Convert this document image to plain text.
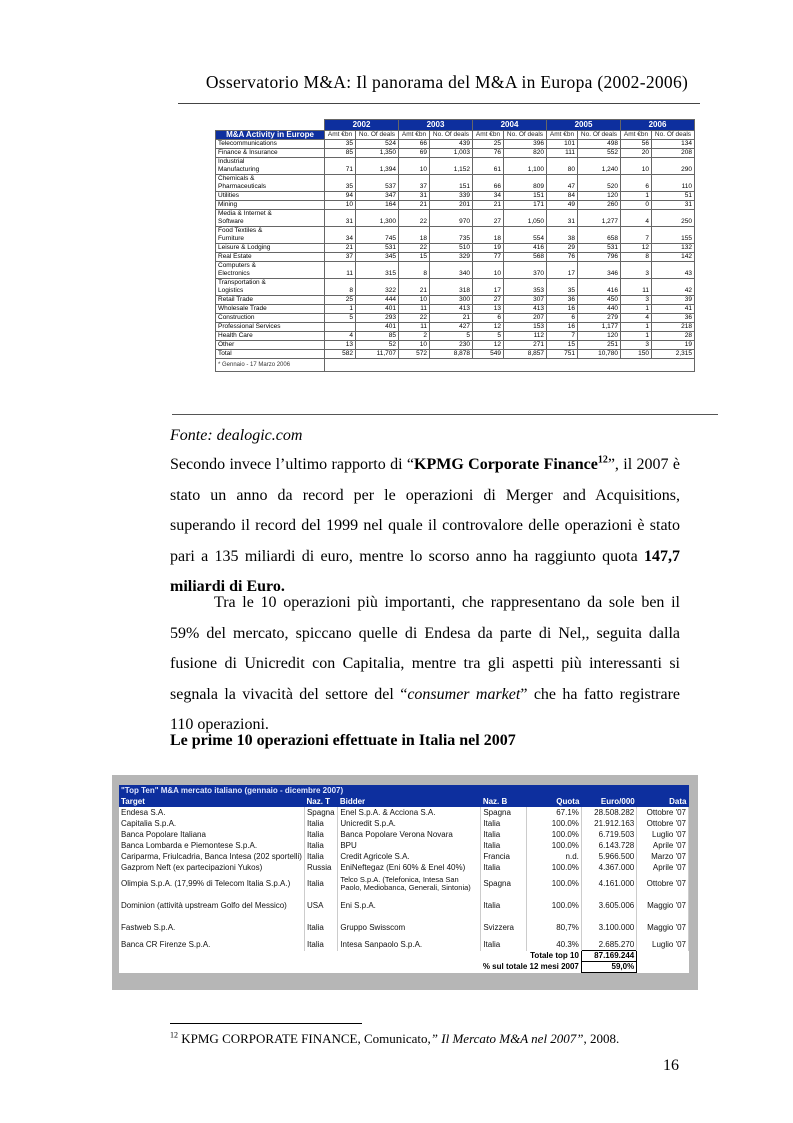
Osservatorio M&A: Il panorama del M&A in Europa (2002-2006)
	2002		2003		2004		2005		2006	
M&A Activity in Europe	Amt €bn	No. Of deals	Amt €bn	No. Of deals	Amt €bn	No. Of deals	Amt €bn	No. Of deals	Amt €bn	No. Of deals
Telecommunications	35	524	66	439	25	396	101	498	56	134
Finance & Insurance	85	1,350	69	1,003	76	820	111	552	20	208
Industrial										
Manufacturing	71	1,394	10	1,152	61	1,100	80	1,240	10	290
Chemicals &										
Pharmaceuticals	35	537	37	151	66	809	47	520	6	110
Utilities	94	347	31	339	34	151	84	120	1	51
Mining	10	164	21	201	21	171	49	260	0	31
Media & Internet &										
Software	31	1,300	22	970	27	1,050	31	1,277	4	250
Food Textiles &										
Furniture	34	745	18	735	18	554	38	658	7	155
Leisure & Lodging	21	531	22	510	19	416	29	531	12	132
Real Estate	37	345	15	329	77	568	76	796	8	142
Computers &										
Electronics	11	315	8	340	10	370	17	346	3	43
Transportation &										
Logistics	8	322	21	318	17	353	35	416	11	42
Retail Trade	25	444	10	300	27	307	36	450	3	39
Wholesale Trade	1	401	11	413	13	413	16	440	1	41
Construction	5	293	22	21	6	207	6	279	4	36
Professional Services		401	11	427	12	153	16	1,177	1	218
Health Care	4	85	2	5	5	112	7	120	1	28
Other	13	52	10	230	12	271	15	251	3	19
Total	582	11,707	572	8,878	549	8,857	751	10,780	150	2,315
* Gennaio - 17 Marzo 2006										
Fonte: dealogic.com

Secondo invece l’ultimo rapporto di “KPMG Corporate Finance$^{12}$”, il 2007 è stato un anno da record per le operazioni di Merger and Acquisitions, superando il record del 1999 nel quale il controvalore delle operazioni è stato pari a 135 miliardi di euro, mentre lo scorso anno ha raggiunto quota 147,7 miliardi di Euro.

Tra le 10 operazioni più importanti, che rappresentano da sole ben il 59% del mercato, spiccano quelle di Endesa da parte di Nel,, seguita dalla fusione di Unicredit con Capitalia, mentre tra gli aspetti più interessanti si segnala la vivacità del settore del “consumer market” che ha fatto registrare 110 operazioni.

Le prime 10 operazioni effettuate in Italia nel 2007
"Top Ten" M&A mercato italiano (gennaio - dicembre 2007)						
Target	Naz. T	Bidder	Naz. B	Quota	Euro/000	Data
Endesa S.A.	Spagna	Enel S.p.A. & Acciona S.A.	Spagna	67.1%	28.508.282	Ottobre '07
Capitalia S.p.A.	Italia	Unicredit S.p.A.	Italia	100.0%	21.912.163	Ottobre '07
Banca Popolare Italiana	Italia	Banca Popolare Verona Novara	Italia	100.0%	6.719.503	Luglio '07
Banca Lombarda e Piemontese S.p.A.	Italia	BPU	Italia	100.0%	6.143.728	Aprile '07
Cariparma, Friulcadria, Banca Intesa (202 sportelli)	Italia	Credit Agricole S.A.	Francia	n.d.	5.966.500	Marzo '07
Gazprom Neft (ex partecipazioni Yukos)	Russia	EniNeftegaz (Eni 60% & Enel 40%)	Italia	100.0%	4.367.000	Aprile '07
Olimpia S.p.A. (17,99% di Telecom Italia S.p.A.)	Italia	Telco S.p.A. (Telefonica, Intesa San Paolo, Mediobanca, Generali, Sintonia)	Spagna	100.0%	4.161.000	Ottobre '07
Dominion (attività upstream Golfo del Messico)	USA	Eni S.p.A.	Italia	100.0%	3.605.006	Maggio '07
Fastweb S.p.A.	Italia	Gruppo Swisscom	Svizzera	80,7%	3.100.000	Maggio '07
Banca CR Firenze S.p.A.	Italia	Intesa Sanpaolo S.p.A.	Italia	40.3%	2.685.270	Luglio '07
				Totale top 10	87.169.244	
			% sul totale 12 mesi 2007		59,0%	
$^{12}$ KPMG CORPORATE FINANCE, Comunicato,” Il Mercato M&A nel 2007”, 2008.
16
